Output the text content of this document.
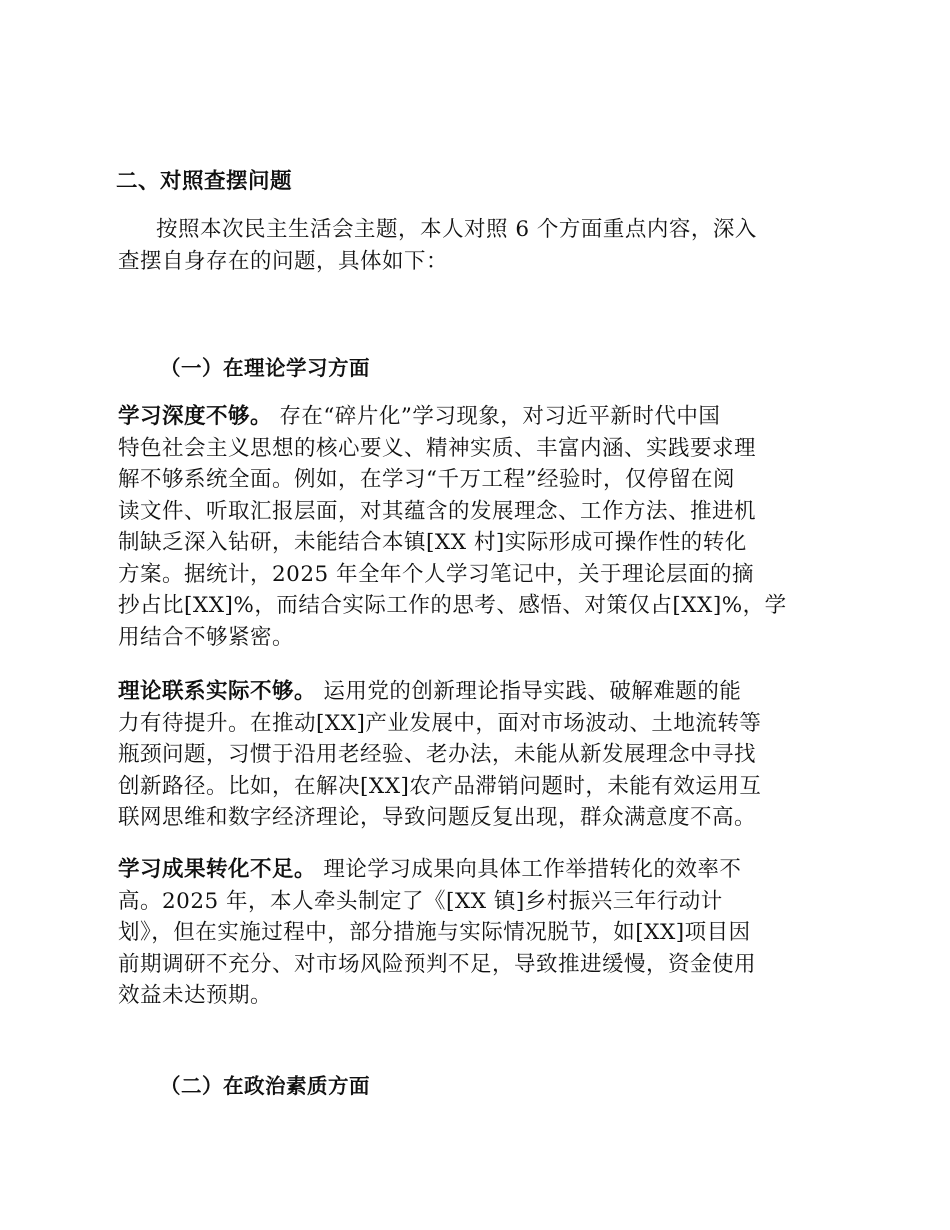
二、对照查摆问题
按照本次民主生活会主题，本人对照 6 个方面重点内容，深入
查摆自身存在的问题，具体如下：
（一）在理论学习方面
学习深度不够。 存在“碎片化”学习现象，对习近平新时代中国
特色社会主义思想的核心要义、精神实质、丰富内涵、实践要求理
解不够系统全面。例如，在学习“千万工程”经验时，仅停留在阅
读文件、听取汇报层面，对其蕴含的发展理念、工作方法、推进机
制缺乏深入钻研，未能结合本镇[XX 村]实际形成可操作性的转化
方案。据统计，2025 年全年个人学习笔记中，关于理论层面的摘
抄占比[XX]%，而结合实际工作的思考、感悟、对策仅占[XX]%，学
用结合不够紧密。
理论联系实际不够。 运用党的创新理论指导实践、破解难题的能
力有待提升。在推动[XX]产业发展中，面对市场波动、土地流转等
瓶颈问题，习惯于沿用老经验、老办法，未能从新发展理念中寻找
创新路径。比如，在解决[XX]农产品滞销问题时，未能有效运用互
联网思维和数字经济理论，导致问题反复出现，群众满意度不高。
学习成果转化不足。 理论学习成果向具体工作举措转化的效率不
高。2025 年，本人牵头制定了《[XX 镇]乡村振兴三年行动计
划》，但在实施过程中，部分措施与实际情况脱节，如[XX]项目因
前期调研不充分、对市场风险预判不足，导致推进缓慢，资金使用
效益未达预期。
（二）在政治素质方面
